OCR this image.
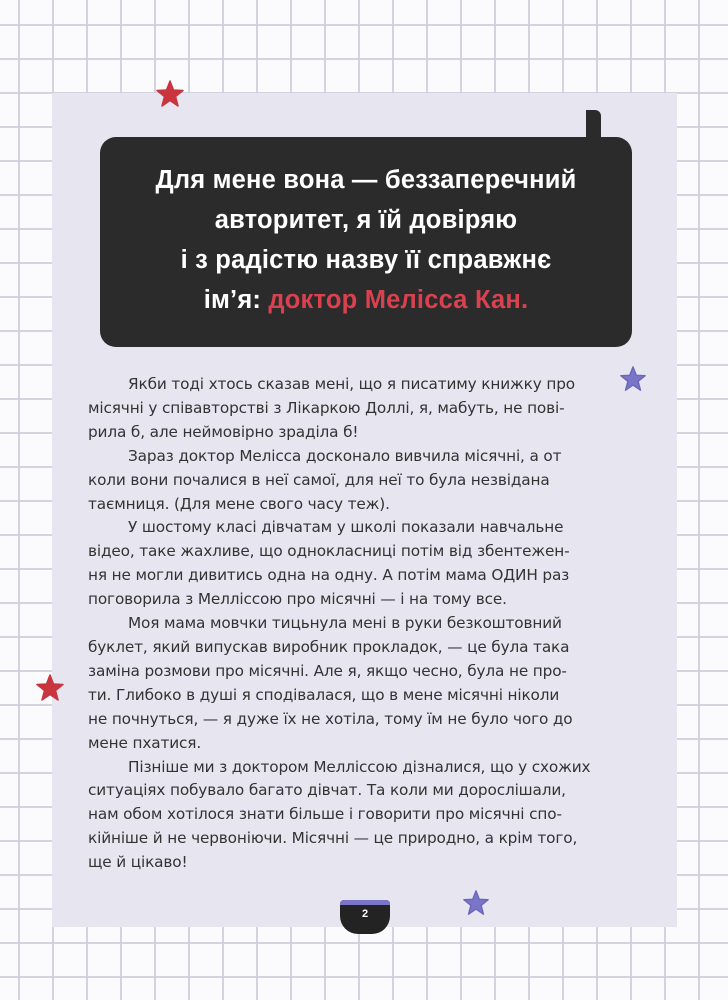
Для мене вона — беззаперечний
авторитет, я їй довіряю
і з радістю назву її справжнє
ім’я: доктор Мелісса Кан.

Якби тоді хтось сказав мені, що я писатиму книжку про
місячні у співавторстві з Лікаркою Доллі, я, мабуть, не пові-
рила б, але неймовірно зраділа б!
Зараз доктор Мелісса досконало вивчила місячні, а от
коли вони почалися в неї самої, для неї то була незвідана
таємниця. (Для мене свого часу теж).
У шостому класі дівчатам у школі показали навчальне
відео, таке жахливе, що однокласниці потім від збентежен-
ня не могли дивитись одна на одну. А потім мама ОДИН раз
поговорила з Мелліссою про місячні — і на тому все.
Моя мама мовчки тицьнула мені в руки безкоштовний
буклет, який випускав виробник прокладок, — це була така
заміна розмови про місячні. Але я, якщо чесно, була не про-
ти. Глибоко в душі я сподівалася, що в мене місячні ніколи
не почнуться, — я дуже їх не хотіла, тому їм не було чого до
мене пхатися.
Пізніше ми з доктором Мелліссою дізналися, що у схожих
ситуаціях побувало багато дівчат. Та коли ми дорослішали,
нам обом хотілося знати більше і говорити про місячні спо-
кійніше й не червоніючи. Місячні — це природно, а крім того,
ще й цікаво!
2
